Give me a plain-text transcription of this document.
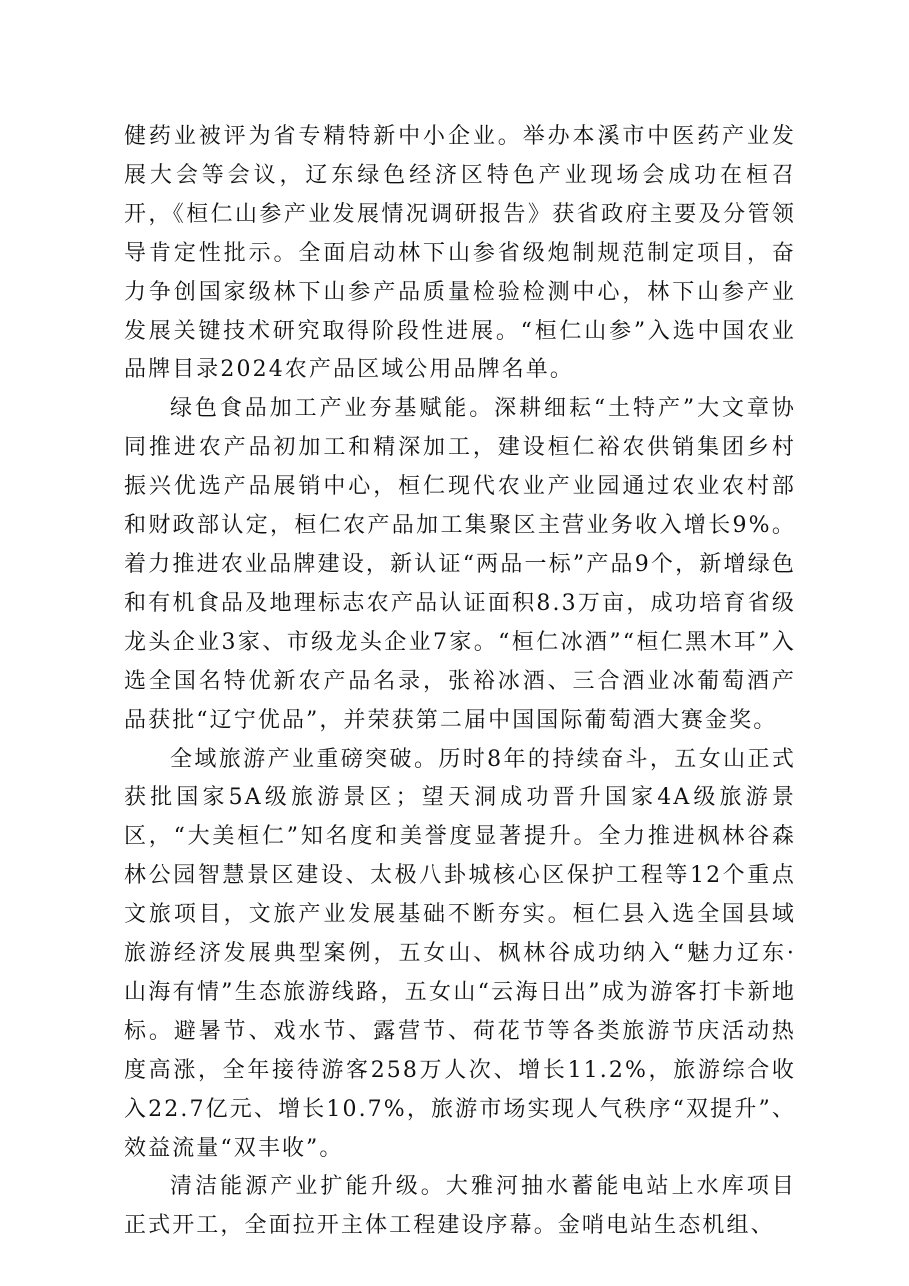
健药业被评为省专精特新中小企业。举办本溪市中医药产业发展大会等会议，辽东绿色经济区特色产业现场会成功在桓召开，《桓仁山参产业发展情况调研报告》获省政府主要及分管领导肯定性批示。全面启动林下山参省级炮制规范制定项目，奋力争创国家级林下山参产品质量检验检测中心，林下山参产业发展关键技术研究取得阶段性进展。“桓仁山参”入选中国农业品牌目录2024农产品区域公用品牌名单。

绿色食品加工产业夯基赋能。深耕细耘“土特产”大文章协同推进农产品初加工和精深加工，建设桓仁裕农供销集团乡村振兴优选产品展销中心，桓仁现代农业产业园通过农业农村部和财政部认定，桓仁农产品加工集聚区主营业务收入增长9%。着力推进农业品牌建设，新认证“两品一标”产品9个，新增绿色和有机食品及地理标志农产品认证面积8.3万亩，成功培育省级龙头企业3家、市级龙头企业7家。“桓仁冰酒”“桓仁黑木耳”入选全国名特优新农产品名录，张裕冰酒、三合酒业冰葡萄酒产品获批“辽宁优品”，并荣获第二届中国国际葡萄酒大赛金奖。

全域旅游产业重磅突破。历时8年的持续奋斗，五女山正式获批国家5A级旅游景区；望天洞成功晋升国家4A级旅游景区，“大美桓仁”知名度和美誉度显著提升。全力推进枫林谷森林公园智慧景区建设、太极八卦城核心区保护工程等12个重点文旅项目，文旅产业发展基础不断夯实。桓仁县入选全国县域旅游经济发展典型案例，五女山、枫林谷成功纳入“魅力辽东·山海有情”生态旅游线路，五女山“云海日出”成为游客打卡新地标。避暑节、戏水节、露营节、荷花节等各类旅游节庆活动热度高涨，全年接待游客258万人次、增长11.2%，旅游综合收入22.7亿元、增长10.7%，旅游市场实现人气秩序“双提升”、效益流量“双丰收”。

清洁能源产业扩能升级。大雅河抽水蓄能电站上水库项目正式开工，全面拉开主体工程建设序幕。金哨电站生态机组、
